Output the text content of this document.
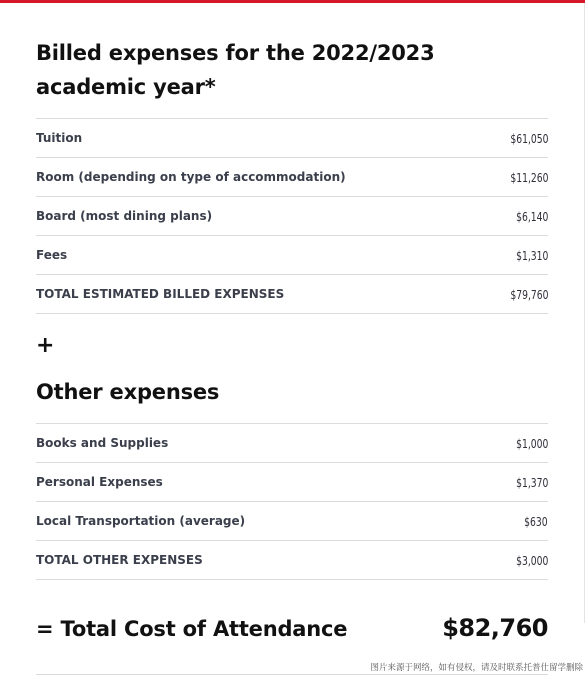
Billed expenses for the 2022/2023 academic year*
Tuition	$61,050
Room (depending on type of accommodation)	$11,260
Board (most dining plans)	$6,140
Fees	$1,310
TOTAL ESTIMATED BILLED EXPENSES	$79,760
+
Other expenses
Books and Supplies	$1,000
Personal Expenses	$1,370
Local Transportation (average)	$630
TOTAL OTHER EXPENSES	$3,000
= Total Cost of Attendance	$82,760
图片来源于网络，如有侵权，请及时联系托普仕留学删除
